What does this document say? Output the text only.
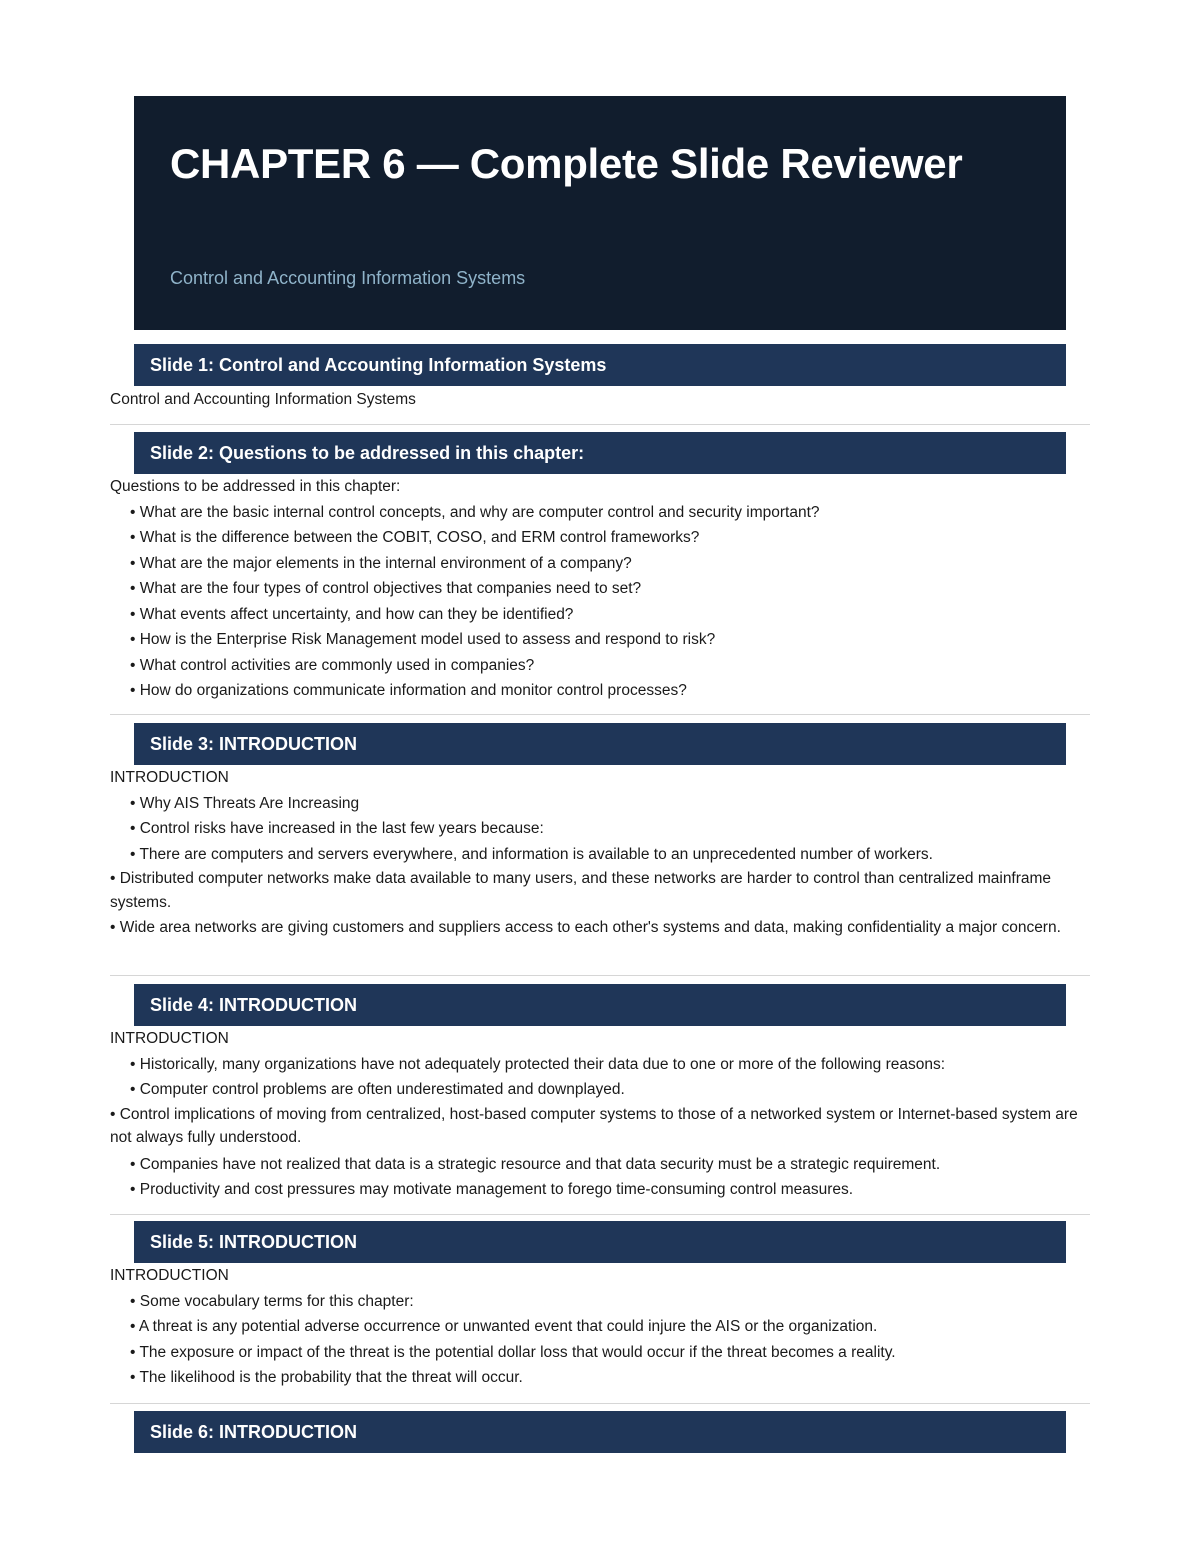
CHAPTER 6 — Complete Slide Reviewer
Control and Accounting Information Systems
Slide 1: Control and Accounting Information Systems

Control and Accounting Information Systems

Slide 2: Questions to be addressed in this chapter:

Questions to be addressed in this chapter:

• What are the basic internal control concepts, and why are computer control and security important?

• What is the difference between the COBIT, COSO, and ERM control frameworks?

• What are the major elements in the internal environment of a company?

• What are the four types of control objectives that companies need to set?

• What events affect uncertainty, and how can they be identified?

• How is the Enterprise Risk Management model used to assess and respond to risk?

• What control activities are commonly used in companies?

• How do organizations communicate information and monitor control processes?

Slide 3: INTRODUCTION

INTRODUCTION

• Why AIS Threats Are Increasing

• Control risks have increased in the last few years because:

• There are computers and servers everywhere, and information is available to an unprecedented number of workers.

• Distributed computer networks make data available to many users, and these networks are harder to control than centralized mainframe systems.

• Wide area networks are giving customers and suppliers access to each other's systems and data, making confidentiality a major concern.

Slide 4: INTRODUCTION

INTRODUCTION

• Historically, many organizations have not adequately protected their data due to one or more of the following reasons:

• Computer control problems are often underestimated and downplayed.

• Control implications of moving from centralized, host-based computer systems to those of a networked system or Internet-based system are not always fully understood.

• Companies have not realized that data is a strategic resource and that data security must be a strategic requirement.

• Productivity and cost pressures may motivate management to forego time-consuming control measures.

Slide 5: INTRODUCTION

INTRODUCTION

• Some vocabulary terms for this chapter:

• A threat is any potential adverse occurrence or unwanted event that could injure the AIS or the organization.

• The exposure or impact of the threat is the potential dollar loss that would occur if the threat becomes a reality.

• The likelihood is the probability that the threat will occur.

Slide 6: INTRODUCTION
